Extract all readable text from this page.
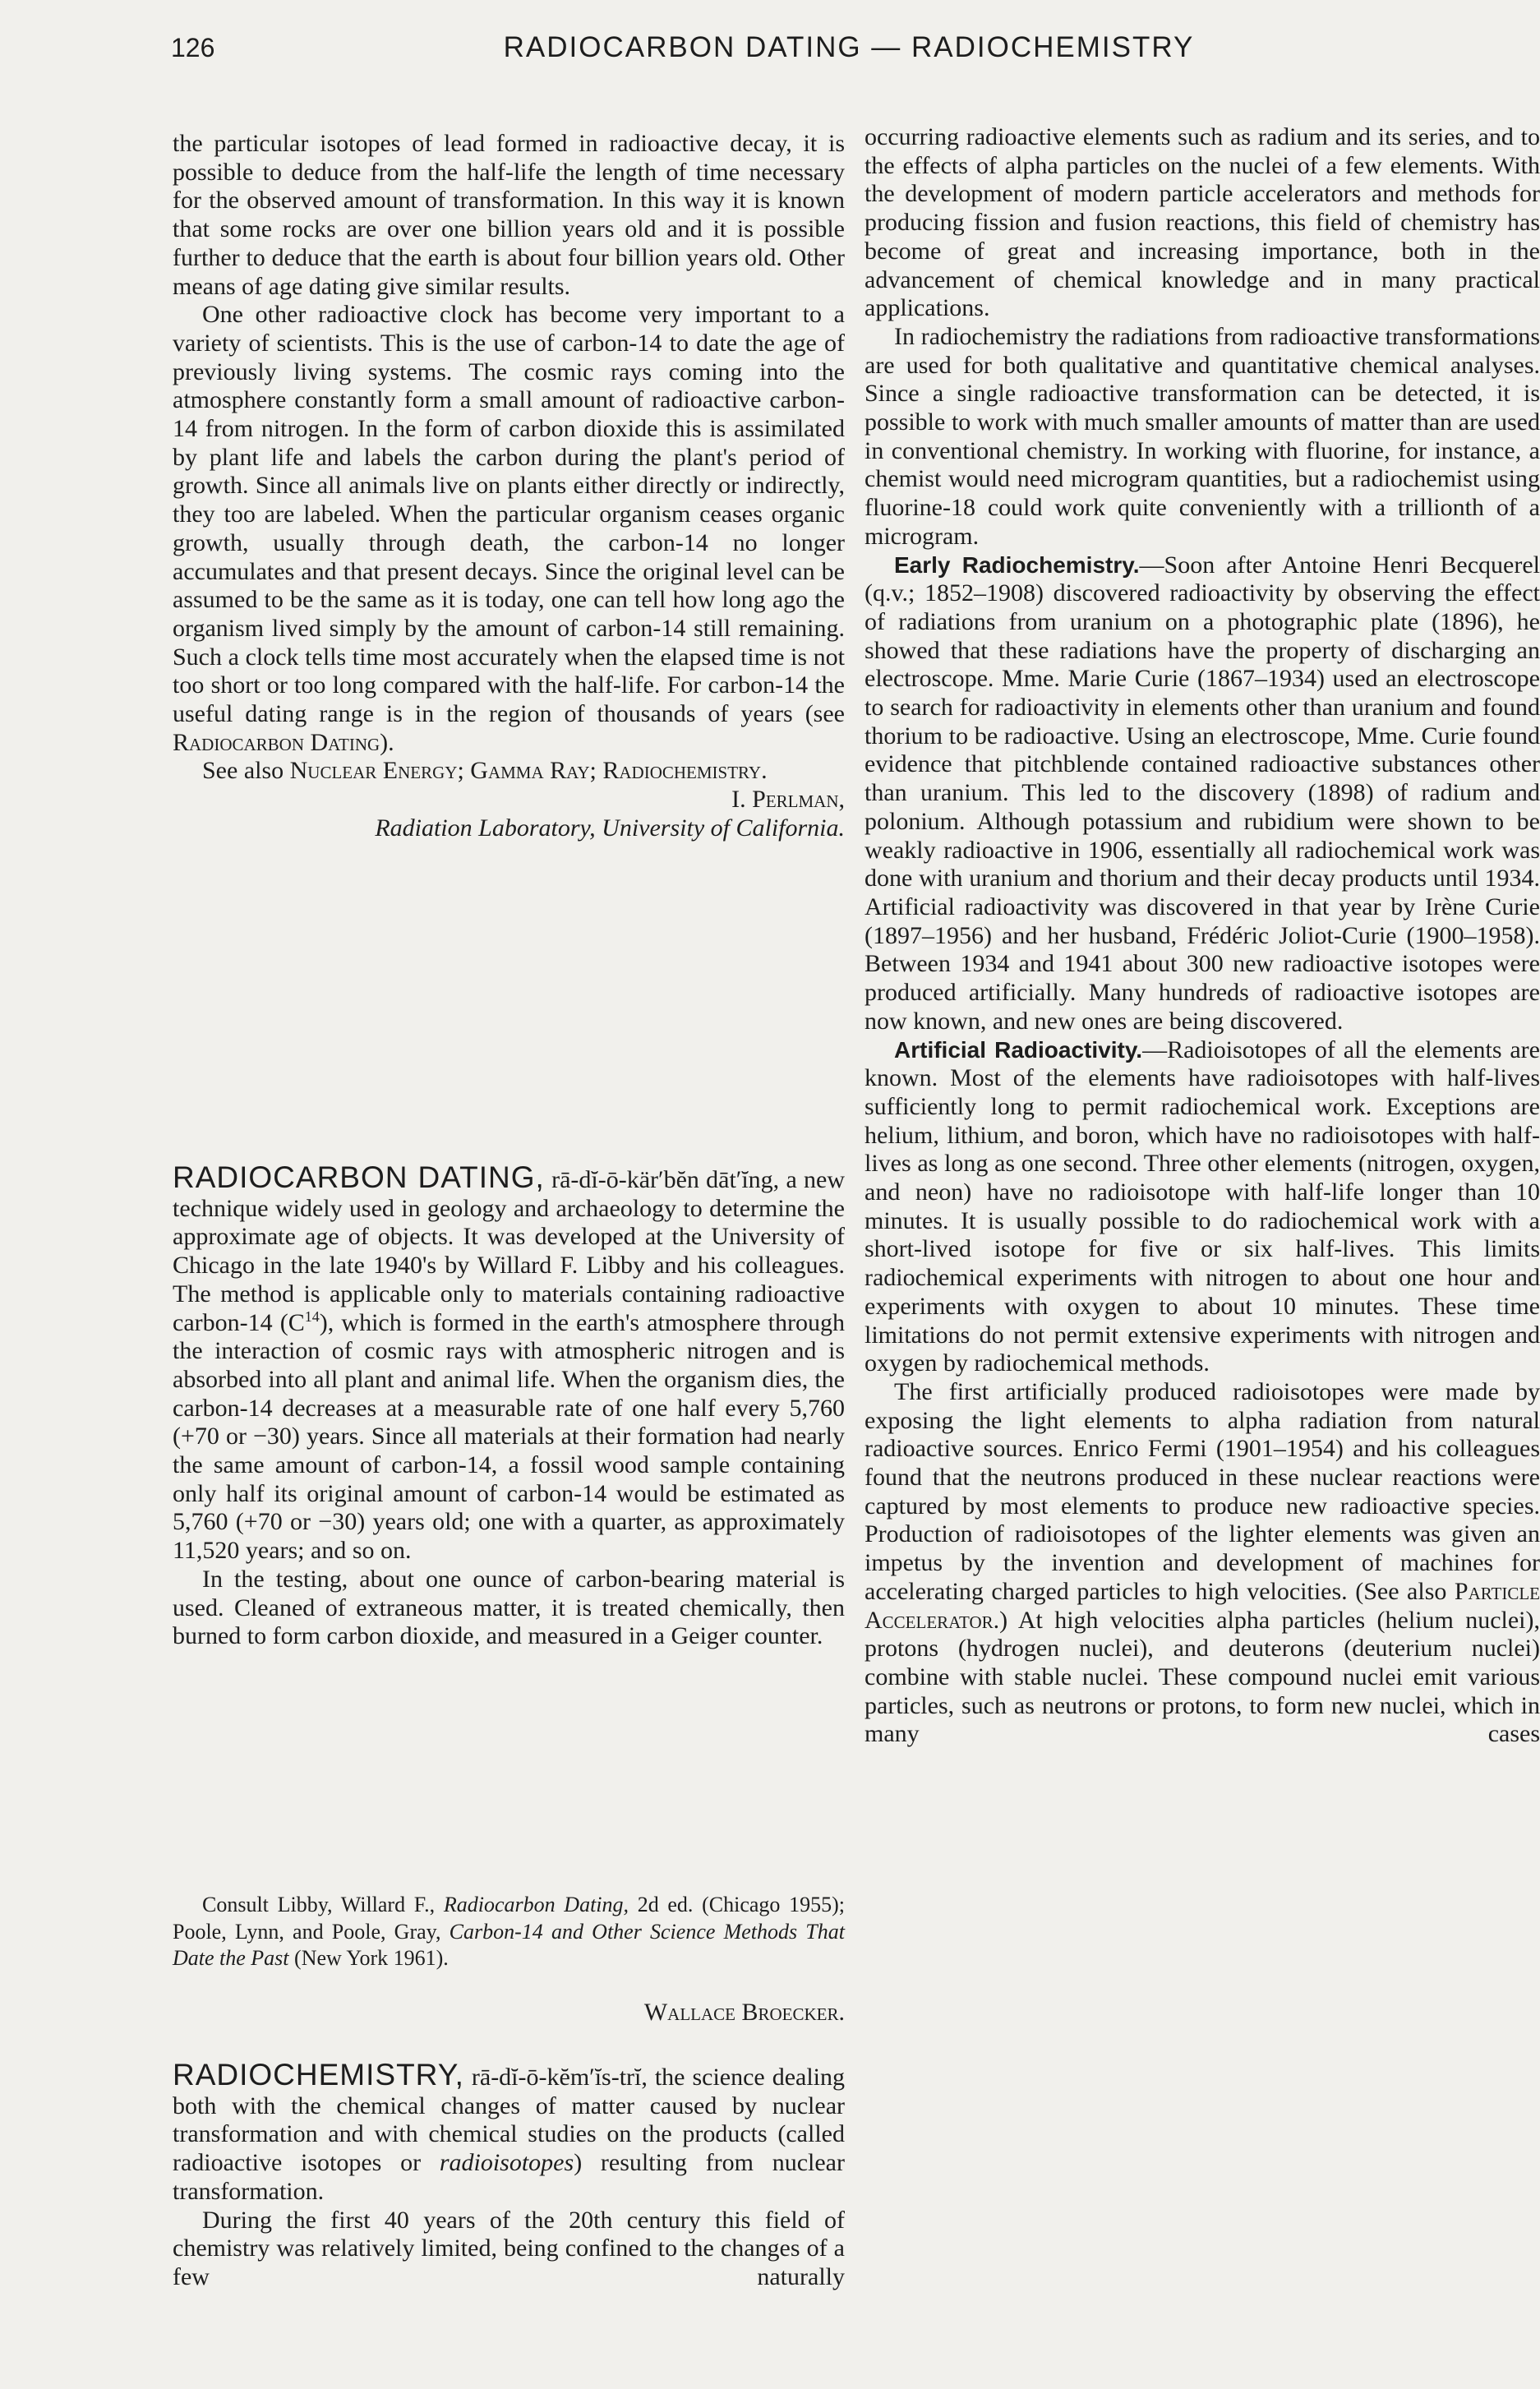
126	RADIOCARBON DATING — RADIOCHEMISTRY

the particular isotopes of lead formed in radioactive decay, it is possible to deduce from the half-life the length of time necessary for the observed amount of transformation. In this way it is known that some rocks are over one billion years old and it is possible further to deduce that the earth is about four billion years old. Other means of age dating give similar results.

One other radioactive clock has become very important to a variety of scientists. This is the use of carbon-14 to date the age of previously living systems. The cosmic rays coming into the atmosphere constantly form a small amount of radioactive carbon-14 from nitrogen. In the form of carbon dioxide this is assimilated by plant life and labels the carbon during the plant's period of growth. Since all animals live on plants either directly or indirectly, they too are labeled. When the particular organism ceases organic growth, usually through death, the carbon-14 no longer accumulates and that present decays. Since the original level can be assumed to be the same as it is today, one can tell how long ago the organism lived simply by the amount of carbon-14 still remaining. Such a clock tells time most accurately when the elapsed time is not too short or too long compared with the half-life. For carbon-14 the useful dating range is in the region of thousands of years (see Radiocarbon Dating).

See also Nuclear Energy; Gamma Ray; Radiochemistry.

I. Perlman,

Radiation Laboratory, University of California.

RADIOCARBON DATING, rā-dĭ-ō-kär′bĕn dāt′ĭng, a new technique widely used in geology and archaeology to determine the approximate age of objects. It was developed at the University of Chicago in the late 1940's by Willard F. Libby and his colleagues. The method is applicable only to materials containing radioactive carbon-14 $(C^{14})$, which is formed in the earth's atmosphere through the interaction of cosmic rays with atmospheric nitrogen and is absorbed into all plant and animal life. When the organism dies, the carbon-14 decreases at a measurable rate of one half every 5,760 (+70 or −30) years. Since all materials at their formation had nearly the same amount of carbon-14, a fossil wood sample containing only half its original amount of carbon-14 would be estimated as 5,760 (+70 or −30) years old; one with a quarter, as approximately 11,520 years; and so on.

In the testing, about one ounce of carbon-bearing material is used. Cleaned of extraneous matter, it is treated chemically, then burned to form carbon dioxide, and measured in a Geiger counter.

Consult Libby, Willard F., Radiocarbon Dating, 2d ed. (Chicago 1955); Poole, Lynn, and Poole, Gray, Carbon-14 and Other Science Methods That Date the Past (New York 1961).

Wallace Broecker.

RADIOCHEMISTRY, rā-dĭ-ō-kĕm′ĭs-trĭ, the science dealing both with the chemical changes of matter caused by nuclear transformation and with chemical studies on the products (called radioactive isotopes or radioisotopes) resulting from nuclear transformation.

During the first 40 years of the 20th century this field of chemistry was relatively limited, being confined to the changes of a few naturally

occurring radioactive elements such as radium and its series, and to the effects of alpha particles on the nuclei of a few elements. With the development of modern particle accelerators and methods for producing fission and fusion reactions, this field of chemistry has become of great and increasing importance, both in the advancement of chemical knowledge and in many practical applications.

In radiochemistry the radiations from radioactive transformations are used for both qualitative and quantitative chemical analyses. Since a single radioactive transformation can be detected, it is possible to work with much smaller amounts of matter than are used in conventional chemistry. In working with fluorine, for instance, a chemist would need microgram quantities, but a radiochemist using fluorine-18 could work quite conveniently with a trillionth of a microgram.

Early Radiochemistry.—Soon after Antoine Henri Becquerel (q.v.; 1852–1908) discovered radioactivity by observing the effect of radiations from uranium on a photographic plate (1896), he showed that these radiations have the property of discharging an electroscope. Mme. Marie Curie (1867–1934) used an electroscope to search for radioactivity in elements other than uranium and found thorium to be radioactive. Using an electroscope, Mme. Curie found evidence that pitchblende contained radioactive substances other than uranium. This led to the discovery (1898) of radium and polonium. Although potassium and rubidium were shown to be weakly radioactive in 1906, essentially all radiochemical work was done with uranium and thorium and their decay products until 1934. Artificial radioactivity was discovered in that year by Irène Curie (1897–1956) and her husband, Frédéric Joliot-Curie (1900–1958). Between 1934 and 1941 about 300 new radioactive isotopes were produced artificially. Many hundreds of radioactive isotopes are now known, and new ones are being discovered.

Artificial Radioactivity.—Radioisotopes of all the elements are known. Most of the elements have radioisotopes with half-lives sufficiently long to permit radiochemical work. Exceptions are helium, lithium, and boron, which have no radioisotopes with half-lives as long as one second. Three other elements (nitrogen, oxygen, and neon) have no radioisotope with half-life longer than 10 minutes. It is usually possible to do radiochemical work with a short-lived isotope for five or six half-lives. This limits radiochemical experiments with nitrogen to about one hour and experiments with oxygen to about 10 minutes. These time limitations do not permit extensive experiments with nitrogen and oxygen by radiochemical methods.

The first artificially produced radioisotopes were made by exposing the light elements to alpha radiation from natural radioactive sources. Enrico Fermi (1901–1954) and his colleagues found that the neutrons produced in these nuclear reactions were captured by most elements to produce new radioactive species. Production of radioisotopes of the lighter elements was given an impetus by the invention and development of machines for accelerating charged particles to high velocities. (See also Particle Accelerator.) At high velocities alpha particles (helium nuclei), protons (hydrogen nuclei), and deuterons (deuterium nuclei) combine with stable nuclei. These compound nuclei emit various particles, such as neutrons or protons, to form new nuclei, which in many cases
